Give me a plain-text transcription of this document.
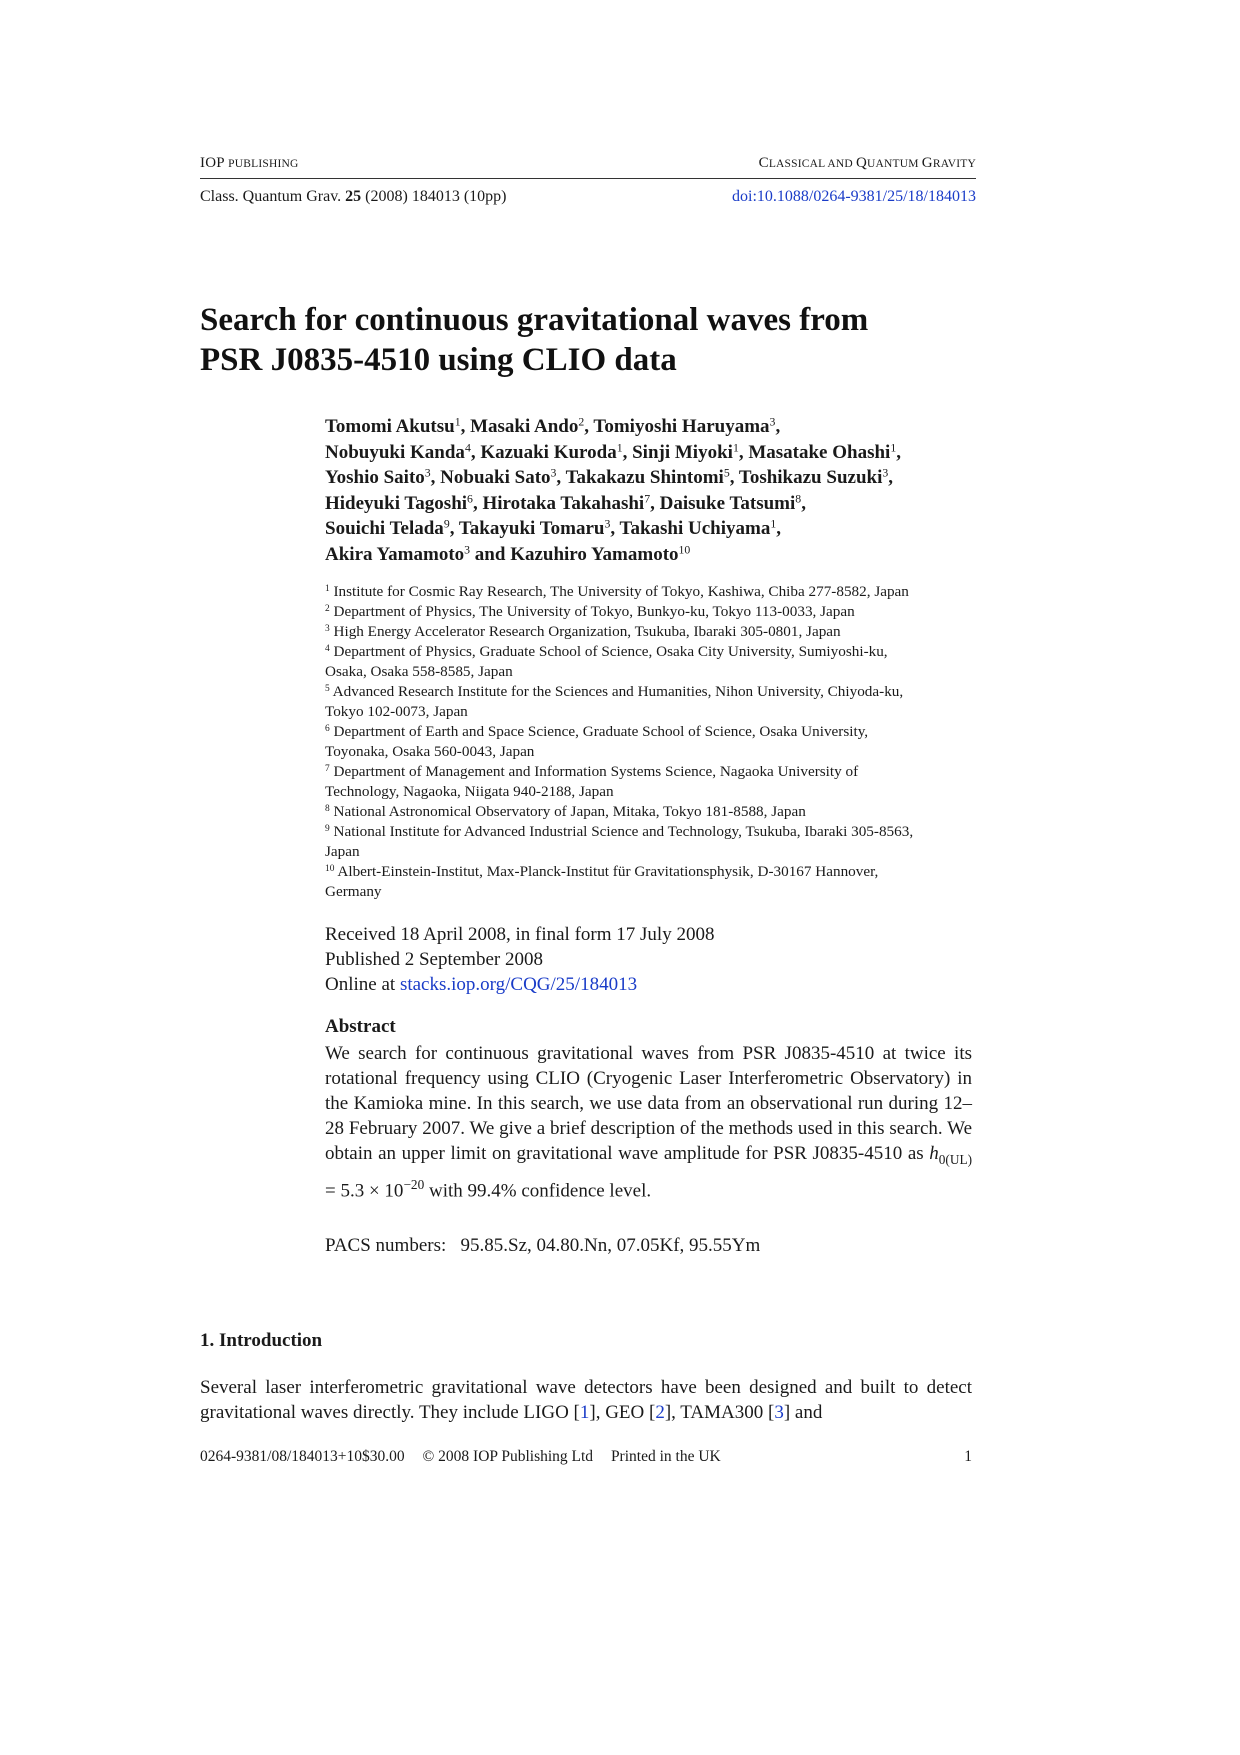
IOP PUBLISHING	CLASSICAL AND QUANTUM GRAVITY
Class. Quantum Grav. 25 (2008) 184013 (10pp)	doi:10.1088/0264-9381/25/18/184013
Search for continuous gravitational waves from
PSR J0835-4510 using CLIO data
Tomomi Akutsu$^1$, Masaki Ando$^2$, Tomiyoshi Haruyama$^3$,
Nobuyuki Kanda$^4$, Kazuaki Kuroda$^1$, Sinji Miyoki$^1$, Masatake Ohashi$^1$,
Yoshio Saito$^3$, Nobuaki Sato$^3$, Takakazu Shintomi$^5$, Toshikazu Suzuki$^3$,
Hideyuki Tagoshi$^6$, Hirotaka Takahashi$^7$, Daisuke Tatsumi$^8$,
Souichi Telada$^9$, Takayuki Tomaru$^3$, Takashi Uchiyama$^1$,
Akira Yamamoto$^3$ and Kazuhiro Yamamoto$^{10}$
$^1$ Institute for Cosmic Ray Research, The University of Tokyo, Kashiwa, Chiba 277-8582, Japan
$^2$ Department of Physics, The University of Tokyo, Bunkyo-ku, Tokyo 113-0033, Japan
$^3$ High Energy Accelerator Research Organization, Tsukuba, Ibaraki 305-0801, Japan
$^4$ Department of Physics, Graduate School of Science, Osaka City University, Sumiyoshi-ku,
Osaka, Osaka 558-8585, Japan
$^5$ Advanced Research Institute for the Sciences and Humanities, Nihon University, Chiyoda-ku,
Tokyo 102-0073, Japan
$^6$ Department of Earth and Space Science, Graduate School of Science, Osaka University,
Toyonaka, Osaka 560-0043, Japan
$^7$ Department of Management and Information Systems Science, Nagaoka University of
Technology, Nagaoka, Niigata 940-2188, Japan
$^8$ National Astronomical Observatory of Japan, Mitaka, Tokyo 181-8588, Japan
$^9$ National Institute for Advanced Industrial Science and Technology, Tsukuba, Ibaraki 305-8563,
Japan
$^{10}$ Albert-Einstein-Institut, Max-Planck-Institut für Gravitationsphysik, D-30167 Hannover,
Germany
Received 18 April 2008, in final form 17 July 2008
Published 2 September 2008
Online at stacks.iop.org/CQG/25/184013
Abstract

We search for continuous gravitational waves from PSR J0835-4510 at twice its rotational frequency using CLIO (Cryogenic Laser Interferometric Observatory) in the Kamioka mine. In this search, we use data from an observational run during 12–28 February 2007. We give a brief description of the methods used in this search. We obtain an upper limit on gravitational wave amplitude for PSR J0835-4510 as $h_{0(UL)} = 5.3 \times 10^{-20}$ with 99.4% confidence level.

PACS numbers:   95.85.Sz, 04.80.Nn, 07.05Kf, 95.55Ym
1. Introduction

Several laser interferometric gravitational wave detectors have been designed and built to detect gravitational waves directly. They include LIGO [1], GEO [2], TAMA300 [3] and

0264-9381/08/184013+10$30.00 © 2008 IOP Publishing Ltd Printed in the UK	1
